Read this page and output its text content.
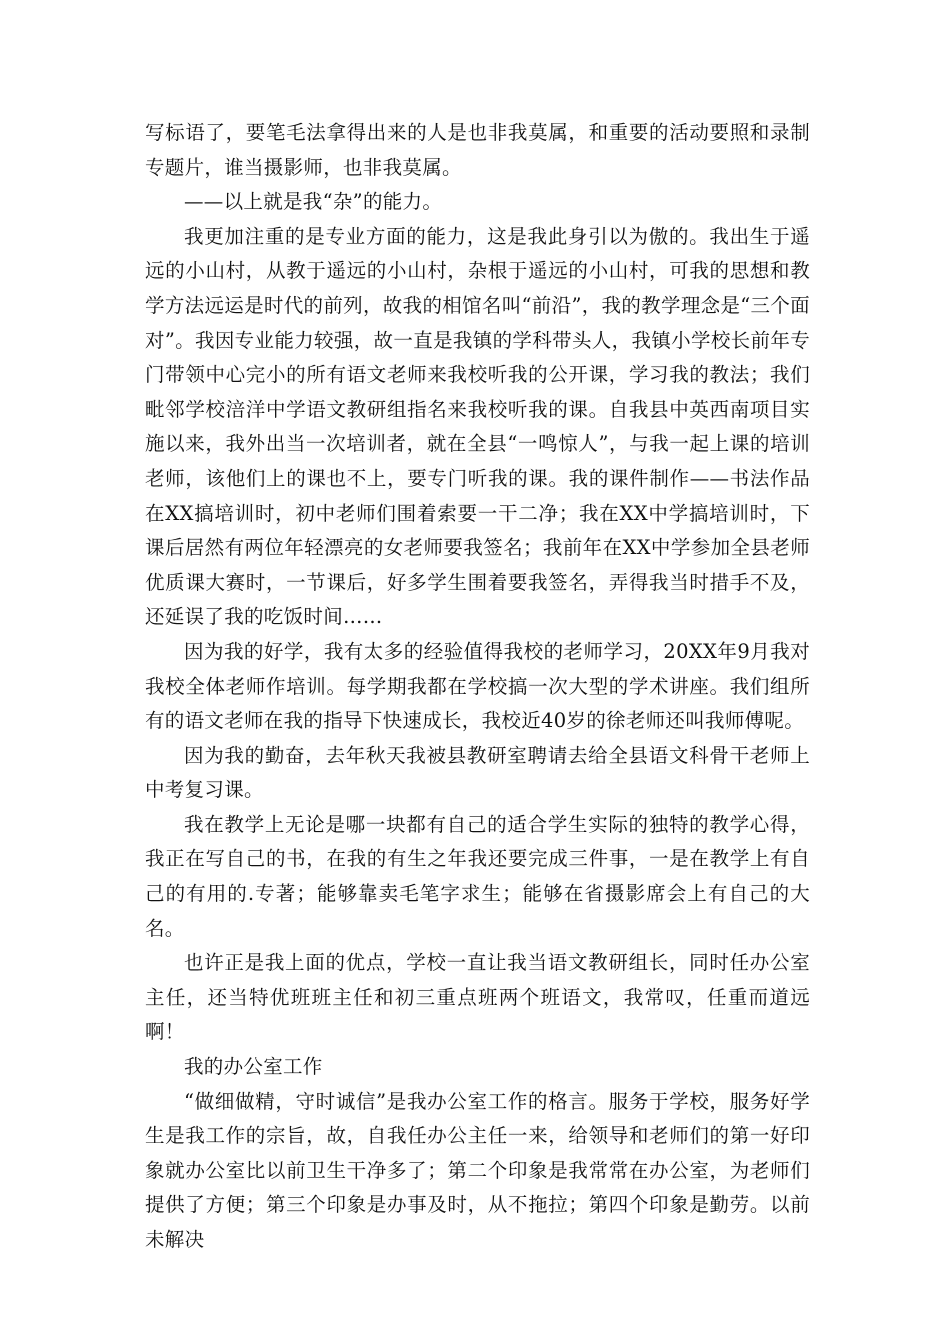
写标语了，要笔毛法拿得出来的人是也非我莫属，和重要的活动要照和录制专题片，谁当摄影师，也非我莫属。

——以上就是我“杂”的能力。

我更加注重的是专业方面的能力，这是我此身引以为傲的。我出生于遥远的小山村，从教于遥远的小山村，杂根于遥远的小山村，可我的思想和教学方法远运是时代的前列，故我的相馆名叫“前沿”，我的教学理念是“三个面对”。我因专业能力较强，故一直是我镇的学科带头人，我镇小学校长前年专门带领中心完小的所有语文老师来我校听我的公开课，学习我的教法；我们毗邻学校涪洋中学语文教研组指名来我校听我的课。自我县中英西南项目实施以来，我外出当一次培训者，就在全县“一鸣惊人”，与我一起上课的培训老师，该他们上的课也不上，要专门听我的课。我的课件制作——书法作品在XX搞培训时，初中老师们围着索要一干二净；我在XX中学搞培训时，下课后居然有两位年轻漂亮的女老师要我签名；我前年在XX中学参加全县老师优质课大赛时，一节课后，好多学生围着要我签名，弄得我当时措手不及，还延误了我的吃饭时间……

因为我的好学，我有太多的经验值得我校的老师学习，20XX年9月我对我校全体老师作培训。每学期我都在学校搞一次大型的学术讲座。我们组所有的语文老师在我的指导下快速成长，我校近40岁的徐老师还叫我师傅呢。

因为我的勤奋，去年秋天我被县教研室聘请去给全县语文科骨干老师上中考复习课。

我在教学上无论是哪一块都有自己的适合学生实际的独特的教学心得，我正在写自己的书，在我的有生之年我还要完成三件事，一是在教学上有自己的有用的.专著；能够靠卖毛笔字求生；能够在省摄影席会上有自己的大名。

也许正是我上面的优点，学校一直让我当语文教研组长，同时任办公室主任，还当特优班班主任和初三重点班两个班语文，我常叹，任重而道远啊！

我的办公室工作

“做细做精，守时诚信”是我办公室工作的格言。服务于学校，服务好学生是我工作的宗旨，故，自我任办公主任一来，给领导和老师们的第一好印象就办公室比以前卫生干净多了；第二个印象是我常常在办公室，为老师们提供了方便；第三个印象是办事及时，从不拖拉；第四个印象是勤劳。以前未解决
